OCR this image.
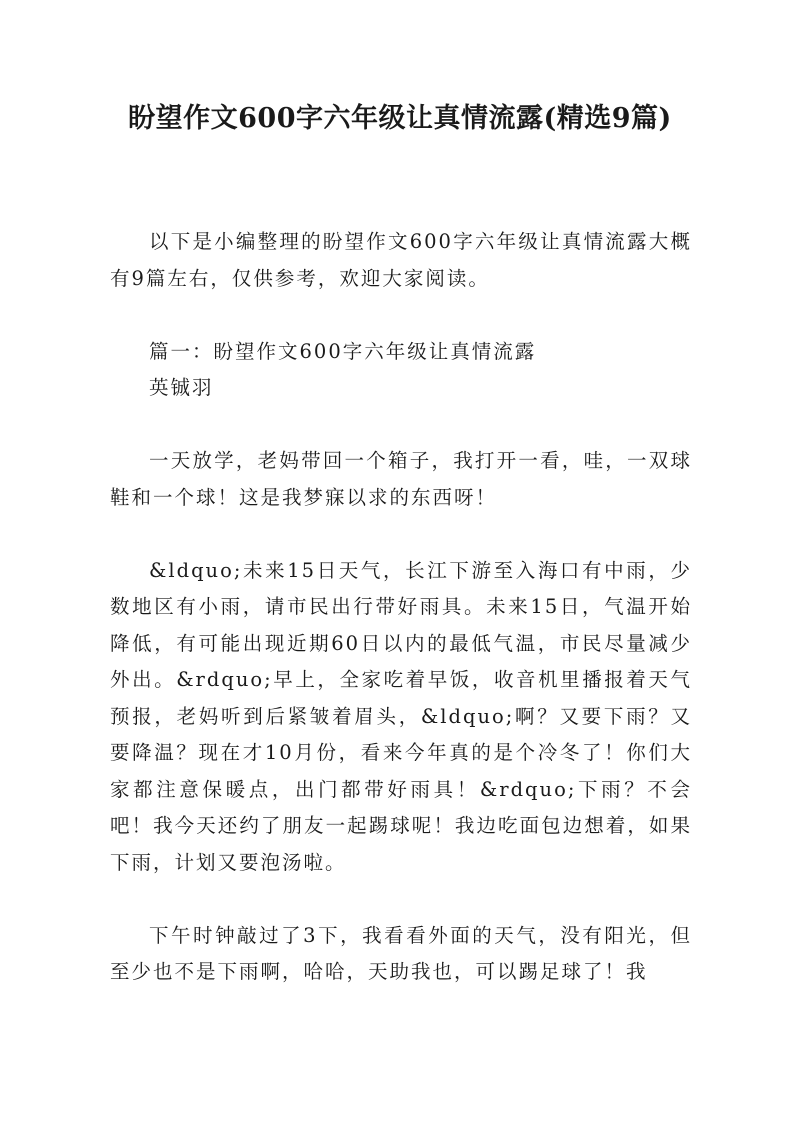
盼望作文600字六年级让真情流露(精选9篇)

以下是小编整理的盼望作文600字六年级让真情流露大概有9篇左右，仅供参考，欢迎大家阅读。

篇一：盼望作文600字六年级让真情流露
英铖羽

一天放学，老妈带回一个箱子，我打开一看，哇，一双球鞋和一个球！这是我梦寐以求的东西呀！

&ldquo;未来15日天气，长江下游至入海口有中雨，少数地区有小雨，请市民出行带好雨具。未来15日，气温开始降低，有可能出现近期60日以内的最低气温，市民尽量减少外出。&rdquo;早上，全家吃着早饭，收音机里播报着天气预报，老妈听到后紧皱着眉头，&ldquo;啊？又要下雨？又要降温？现在才10月份，看来今年真的是个冷冬了！你们大家都注意保暖点，出门都带好雨具！&rdquo;下雨？不会吧！我今天还约了朋友一起踢球呢！我边吃面包边想着，如果下雨，计划又要泡汤啦。

下午时钟敲过了3下，我看看外面的天气，没有阳光，但至少也不是下雨啊，哈哈，天助我也，可以踢足球了！我
